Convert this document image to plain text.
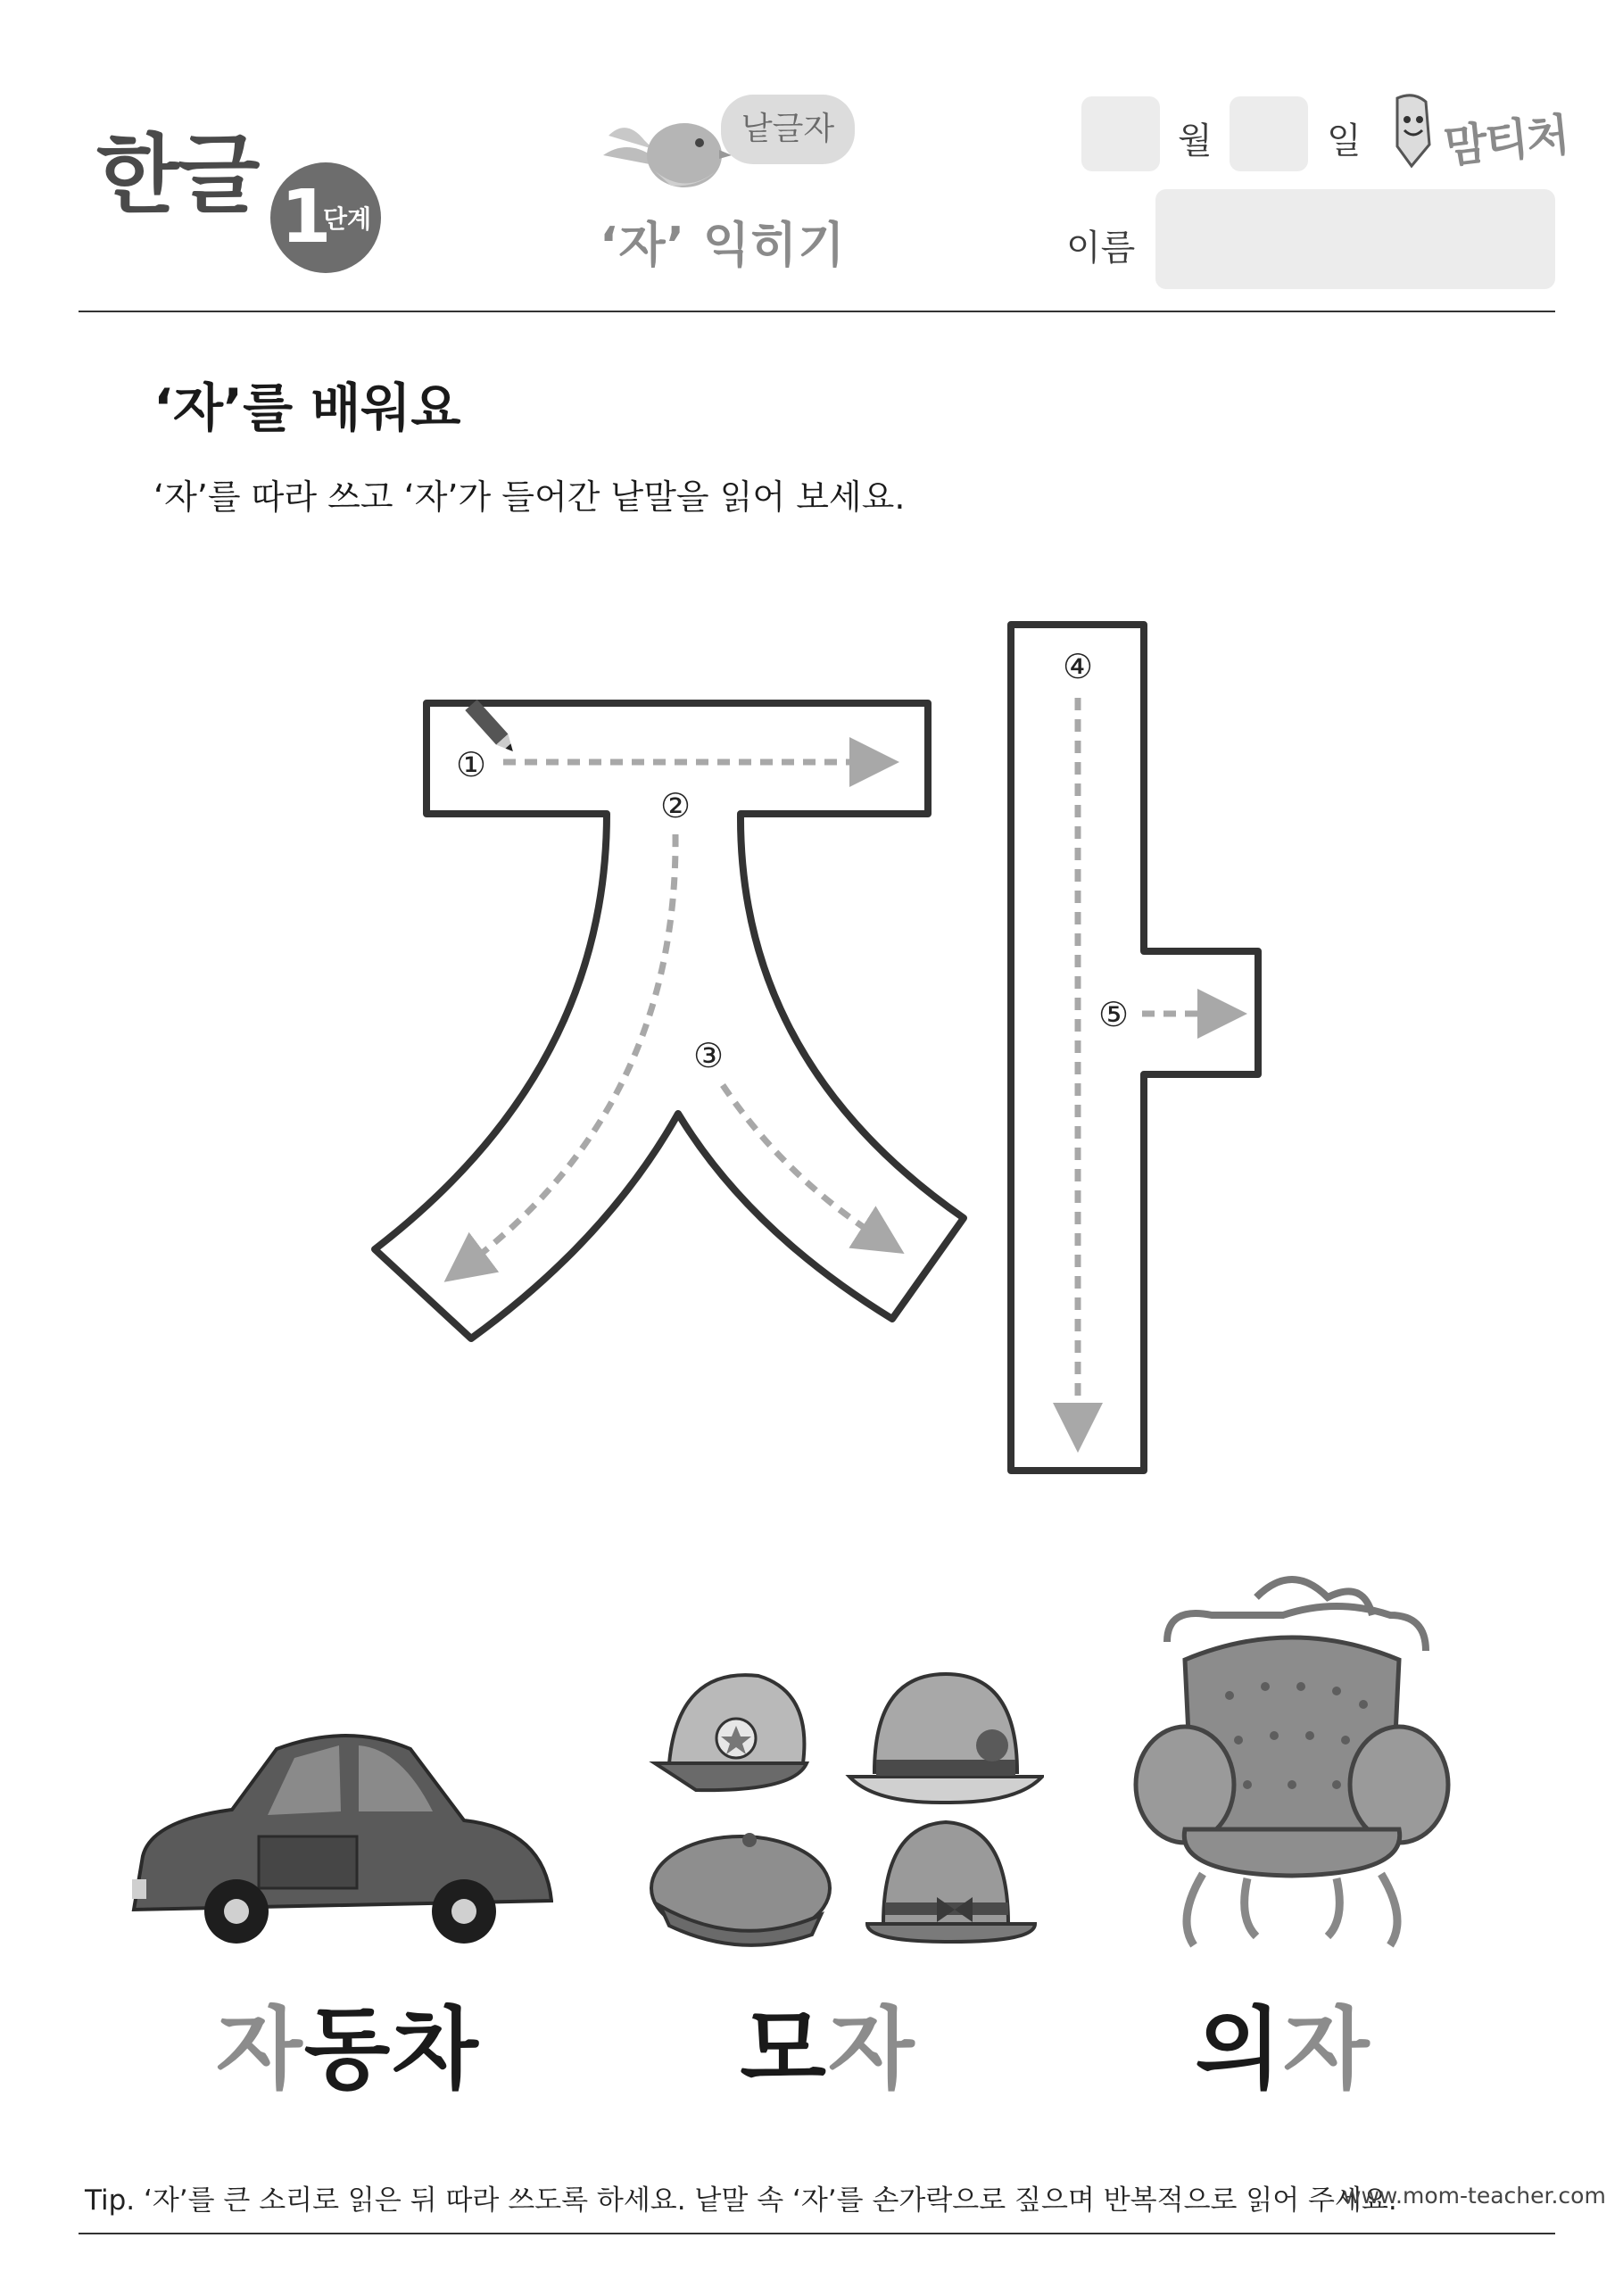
한글 1
단계
낱글자
‘자’ 익히기
월	일
이름
맘티처
‘자’를 배워요
‘자’를 따라 쓰고 ‘자’가 들어간 낱말을 읽어 보세요.
①
②
③
④
⑤
자동차	모자	의자
Tip. ‘자’를 큰 소리로 읽은 뒤 따라 쓰도록 하세요. 낱말 속 ‘자’를 손가락으로 짚으며 반복적으로 읽어 주세요.
www.mom-teacher.com
